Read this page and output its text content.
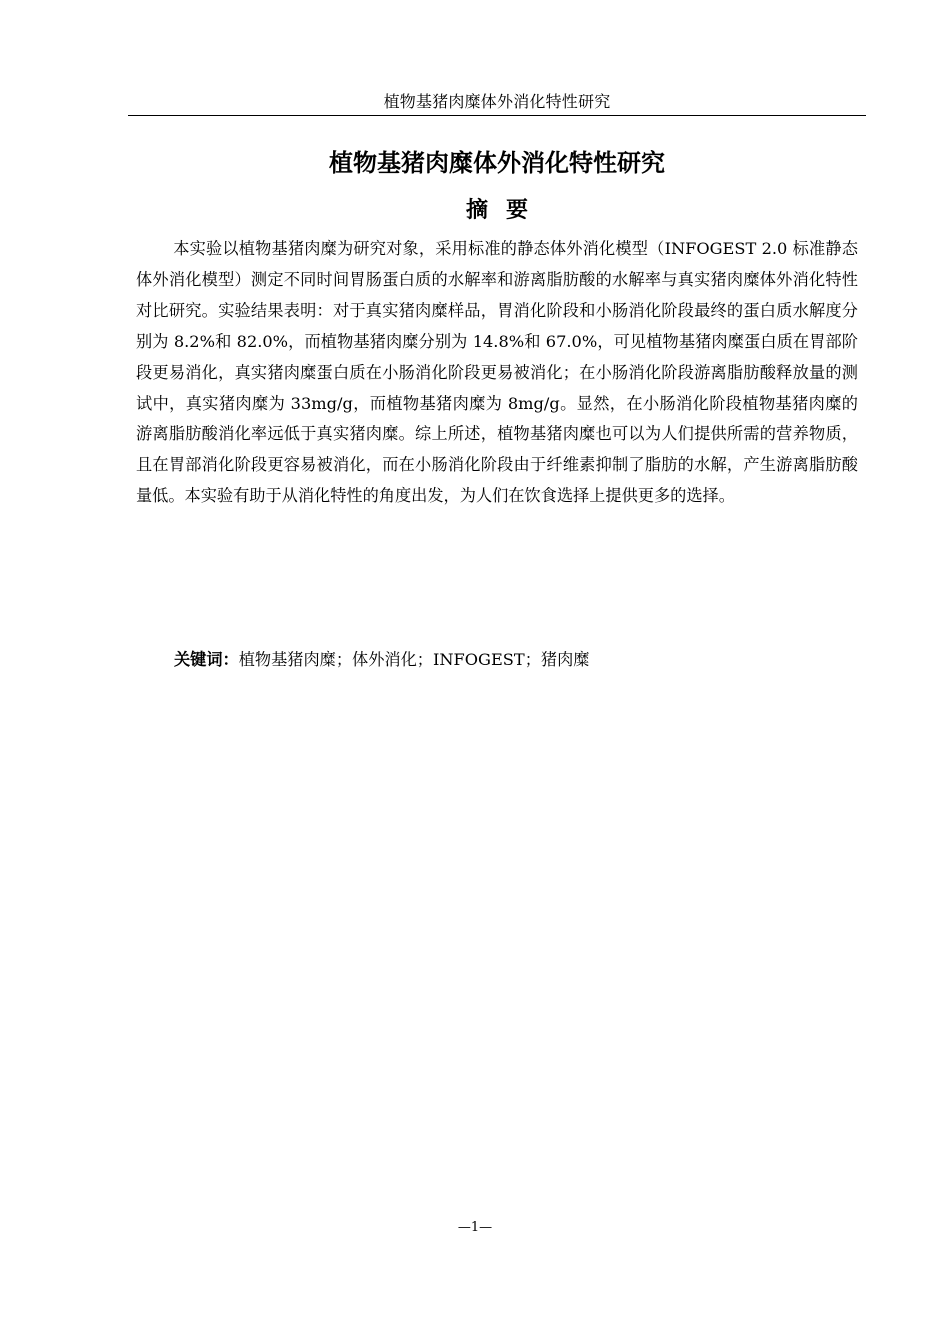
植物基猪肉糜体外消化特性研究
植物基猪肉糜体外消化特性研究
摘要

本实验以植物基猪肉糜为研究对象，采用标准的静态体外消化模型（INFOGEST 2.0 标准静态体外消化模型）测定不同时间胃肠蛋白质的水解率和游离脂肪酸的水解率与真实猪肉糜体外消化特性对比研究。实验结果表明：对于真实猪肉糜样品，胃消化阶段和小肠消化阶段最终的蛋白质水解度分别为 8.2%和 82.0%，而植物基猪肉糜分别为 14.8%和 67.0%，可见植物基猪肉糜蛋白质在胃部阶段更易消化，真实猪肉糜蛋白质在小肠消化阶段更易被消化；在小肠消化阶段游离脂肪酸释放量的测试中，真实猪肉糜为 33mg/g，而植物基猪肉糜为 8mg/g。显然，在小肠消化阶段植物基猪肉糜的游离脂肪酸消化率远低于真实猪肉糜。综上所述，植物基猪肉糜也可以为人们提供所需的营养物质，且在胃部消化阶段更容易被消化，而在小肠消化阶段由于纤维素抑制了脂肪的水解，产生游离脂肪酸量低。本实验有助于从消化特性的角度出发，为人们在饮食选择上提供更多的选择。

关键词：植物基猪肉糜；体外消化；INFOGEST；猪肉糜

—1—
